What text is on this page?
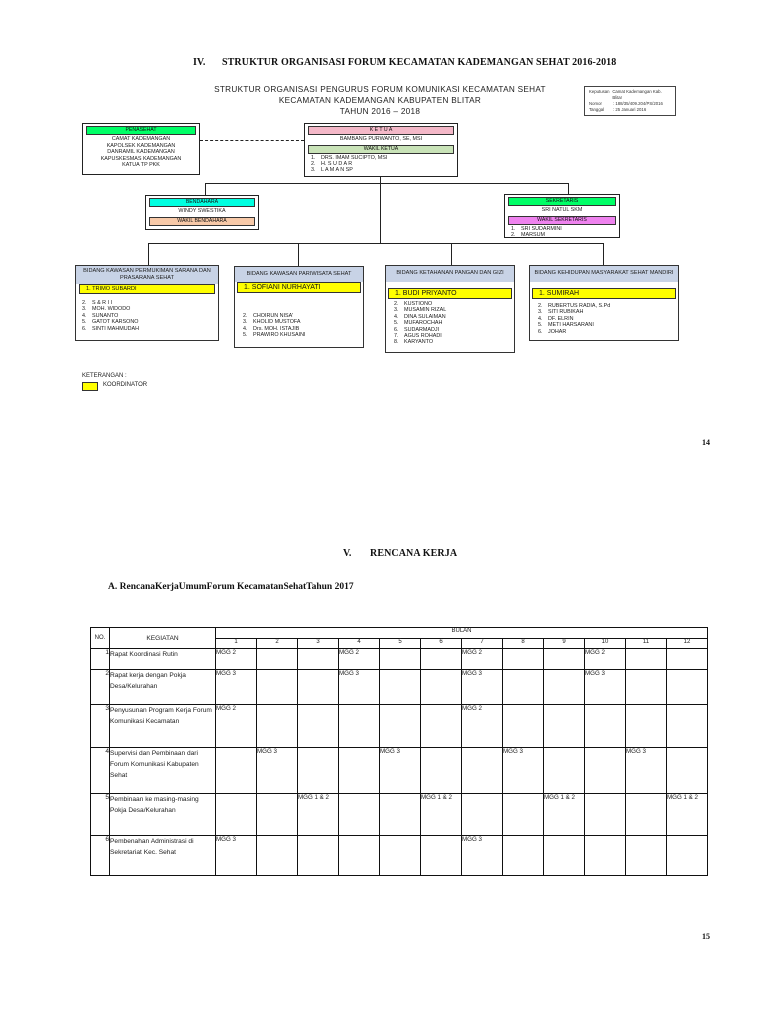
IV. STRUKTUR ORGANISASI FORUM KECAMATAN KADEMANGAN SEHAT 2016-2018
STRUKTUR ORGANISASI PENGURUS FORUM KOMUNIKASI KECAMATAN SEHAT
KECAMATAN KADEMANGAN KABUPATEN BLITAR
TAHUN 2016 – 2018
Keputusan Camat Kademangan Kab. Blitar
Nomor	: 188/35/409.204/PS/2016
Tanggal	: 25 Januari 2016
PENASEHAT
CAMAT KADEMANGAN
KAPOLSEK KADEMANGAN
DANRAMIL KADEMANGAN
KAPUSKESMAS KADEMANGAN
KATUA TP PKK
K E T U A
BAMBANG PURWANTO, SE, MSI
WAKIL KETUA
1.	DRS. IMAM SUCIPTO, MSI
2.	H. S U D A R
3.	L A M A N SP
BENDAHARA
WINDY SWESTIKA
WAKIL BENDAHARA
-
SEKRETARIS
SRI NATUL SKM
WAKIL SEKRETARIS
1.	SRI SUDARMINI
2.	MARSUM
BIDANG KAWASAN PERMUKIMAN SARANA DAN PRASARANA SEHAT
1. TRIMO SUBARDI
2.	S & R I I
3.	MOH. WIDODO
4.	SUNANTO
5.	GATOT KARSONO
6.	SINTI MAHMUDAH
BIDANG KAWASAN PARIWISATA SEHAT
1. SOFIANI NURHAYATI
2.	CHOIRUN NISA'
3.	KHOLID MUSTOFA
4.	Drs. MOH. ISTAJIB
5.	PRAWIRO KHUSAINI
BIDANG KETAHANAN PANGAN DAN GIZI
1. BUDI PRIYANTO
2.	KUSTIONO
3.	MUSAMIN RIZAL
4.	DINA SULAIMAN
5.	MUFAROCHAH
6.	SUDARMADJI
7.	AGUS ROHADI
8.	KARYANTO
BIDANG KEHIDUPAN MASYARAKAT SEHAT MANDIRI
1. SUMIRAH
2.	RUBERTUS RADIA, S.Pd
3.	SITI RUBIKAH
4.	DF. ELRIN
5.	METI HARSARANI
6.	JOHAR
KETERANGAN :
KOORDINATOR
14
V. RENCANA KERJA
A. RencanaKerjaUmumForum KecamatanSehatTahun 2017
NO.	KEGIATAN	BULAN											
		1	2	3	4	5	6	7	8	9	10	11	12
1	Rapat Koordinasi Rutin	MGG 2			MGG 2			MGG 2			MGG 2		
2	Rapat kerja dengan Pokja Desa/Kelurahan	MGG 3			MGG 3			MGG 3			MGG 3		
3	Penyusunan Program Kerja Forum Komunikasi Kecamatan	MGG 2						MGG 2					
4	Supervisi dan Pembinaan dari Forum Komunikasi Kabupaten Sehat		MGG 3			MGG 3			MGG 3			MGG 3	
5	Pembinaan ke masing-masing Pokja Desa/Kelurahan			MGG 1 & 2			MGG 1 & 2			MGG 1 & 2			MGG 1 & 2
6	Pembenahan Administrasi di Sekretariat Kec. Sehat	MGG 3						MGG 3					
15
